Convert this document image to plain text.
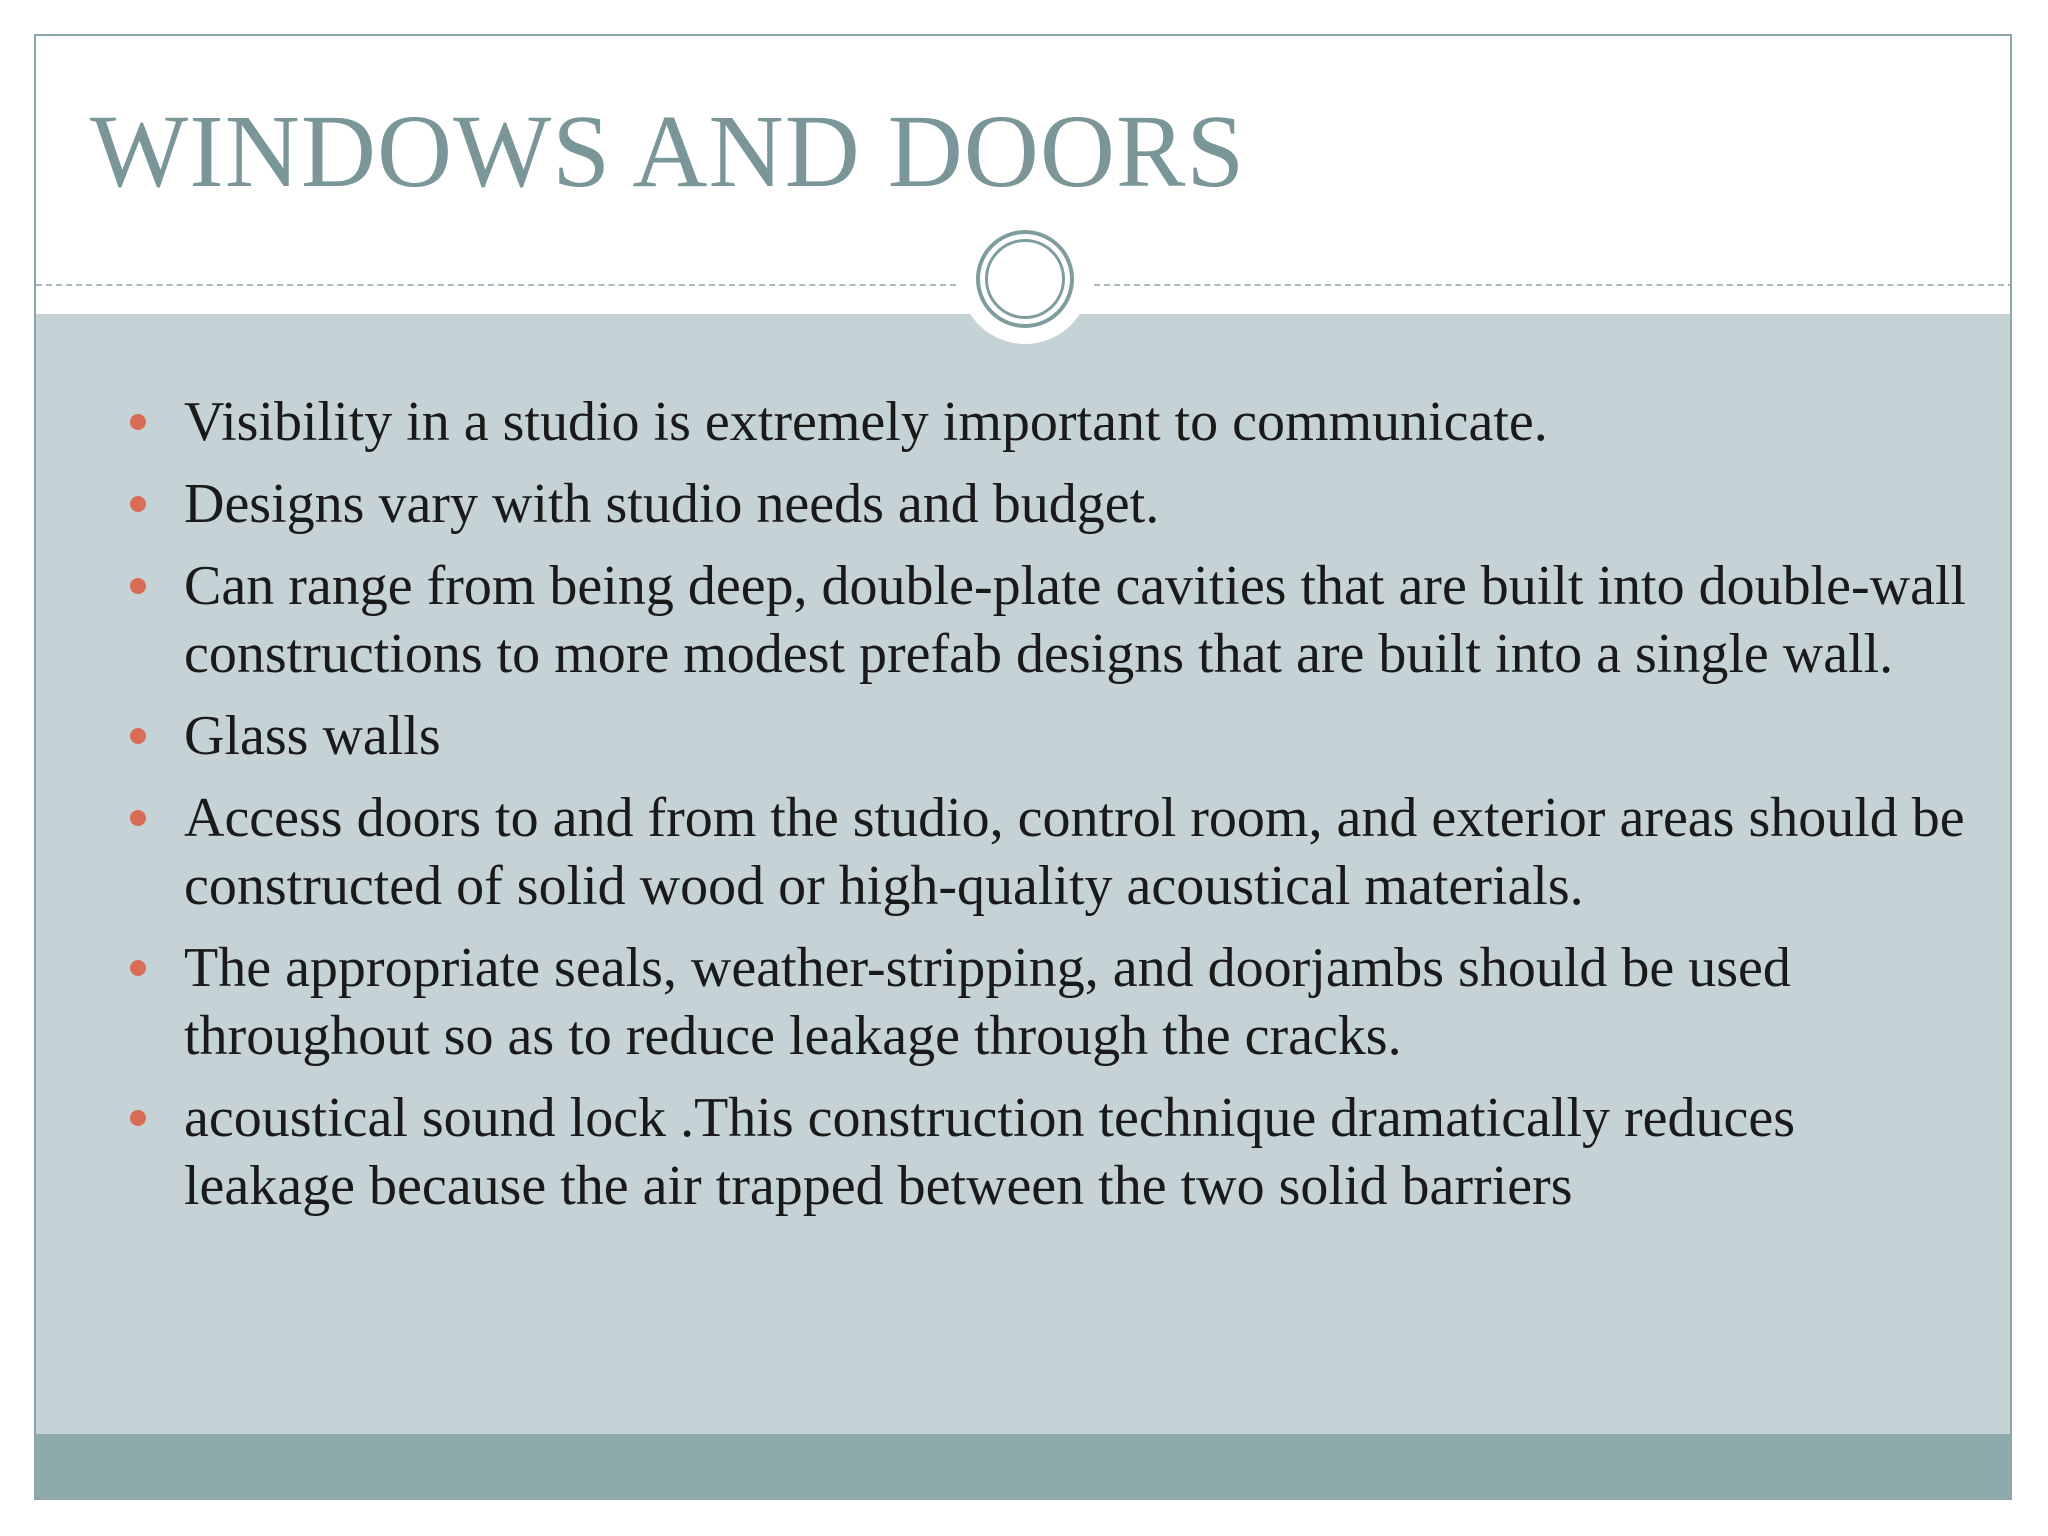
WINDOWS AND DOORS
Visibility in a studio is extremely important to communicate.
Designs vary with studio needs and budget.
Can range from being deep, double-plate cavities that are built into double-wall constructions to more modest prefab designs that are built into a single wall.
Glass walls
Access doors to and from the studio, control room, and exterior areas should be constructed of solid wood or high-quality acoustical materials.
The appropriate seals, weather-stripping, and doorjambs should be used throughout so as to reduce leakage through the cracks.
acoustical sound lock .This construction technique dramatically reduces leakage because the air trapped between the two solid barriers
